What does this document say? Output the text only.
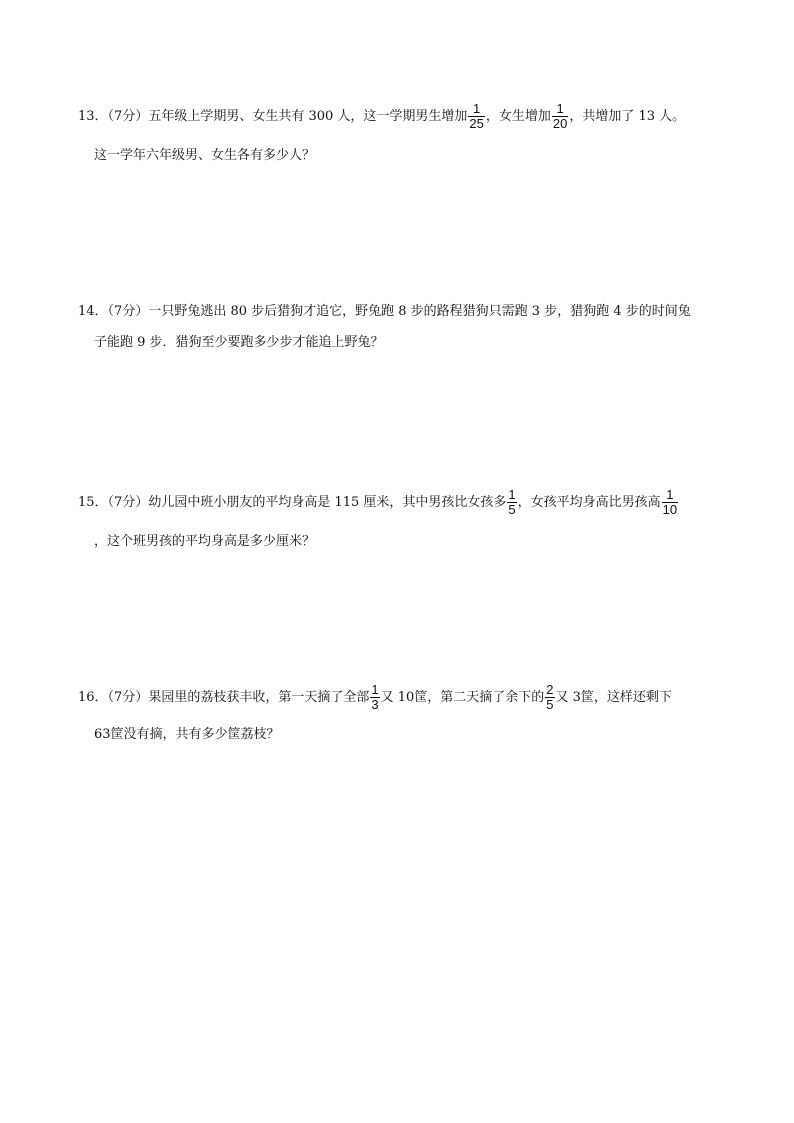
13．（7分）五年级上学期男、女生共有 300 人，这一学期男生增加 $\frac{1}{25}$ ，女生增加 $\frac{1}{20}$ ，共增加了 13 人。
这一学年六年级男、女生各有多少人？
14．（7分）一只野兔逃出 80 步后猎狗才追它，野兔跑 8 步的路程猎狗只需跑 3 步，猎狗跑 4 步的时间兔
子能跑 9 步．猎狗至少要跑多少步才能追上野兔？
15．（7分）幼儿园中班小朋友的平均身高是 115 厘米，其中男孩比女孩多 $\frac{1}{5}$ ，女孩平均身高比男孩高 $\frac{1}{10}$
，这个班男孩的平均身高是多少厘米？
16．（7分）果园里的荔枝获丰收，第一天摘了全部 $\frac{1}{3}$ 又 10筐，第二天摘了余下的 $\frac{2}{5}$ 又 3筐，这样还剩下
63筐没有摘，共有多少筐荔枝？
